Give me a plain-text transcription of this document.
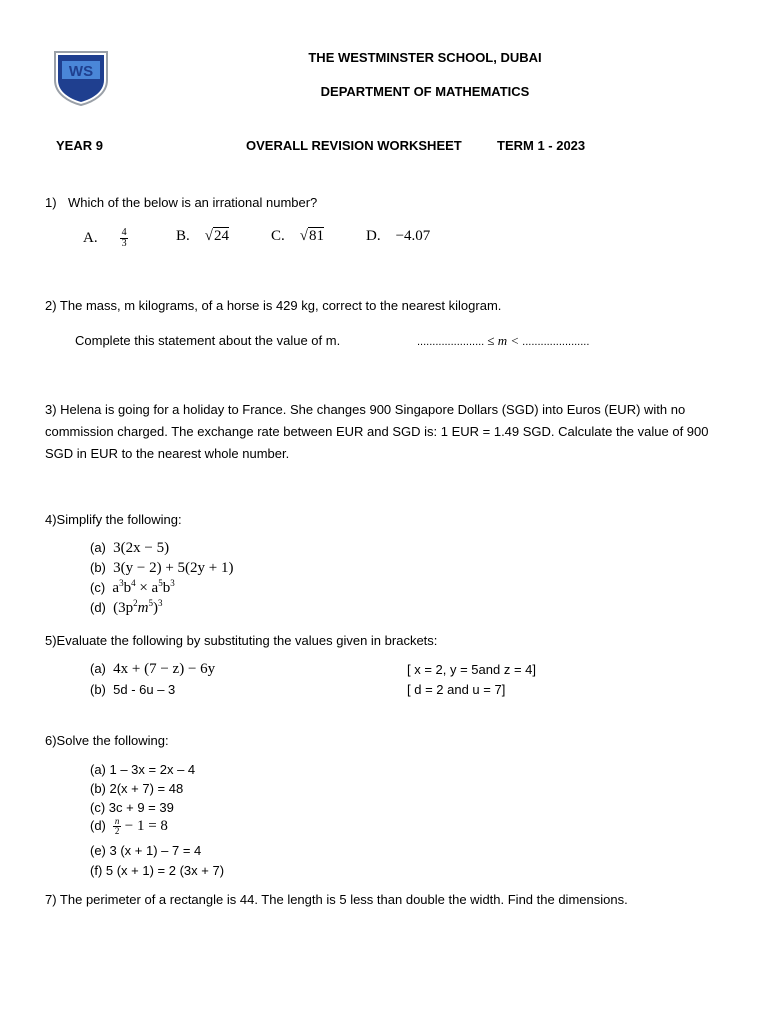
WS
THE WESTMINSTER SCHOOL, DUBAI
DEPARTMENT OF MATHEMATICS
YEAR 9	OVERALL REVISION WORKSHEET	TERM 1 - 2023
1) Which of the below is an irrational number?
A. $\frac{4}{3}$	B. √24	C. √81	D. −4.07
2) The mass, m kilograms, of a horse is 429 kg, correct to the nearest kilogram.
Complete this statement about the value of m.	...................... ≤ m < ......................
3) Helena is going for a holiday to France. She changes 900 Singapore Dollars (SGD) into Euros (EUR) with no commission charged. The exchange rate between EUR and SGD is: 1 EUR = 1.49 SGD. Calculate the value of 900 SGD in EUR to the nearest whole number.
4)Simplify the following:
(a) 3(2x − 5)
(b) 3(y − 2) + 5(2y + 1)
(c) $a^3b^4 \times a^5b^3$
(d) $(3p^2m^5)^3$
5)Evaluate the following by substituting the values given in brackets:
(a) 4x + (7 − z) − 6y	[ x = 2, y = 5and z = 4]
(b) 5d - 6u – 3	[ d = 2 and u = 7]
6)Solve the following:
(a) 1 – 3x = 2x – 4
(b) 2(x + 7) = 48
(c) 3c + 9 = 39
$(d) \frac{n}{2} - 1 = 8$
(e) 3 (x + 1) – 7 = 4
(f) 5 (x + 1) = 2 (3x + 7)
7) The perimeter of a rectangle is 44. The length is 5 less than double the width. Find the dimensions.
